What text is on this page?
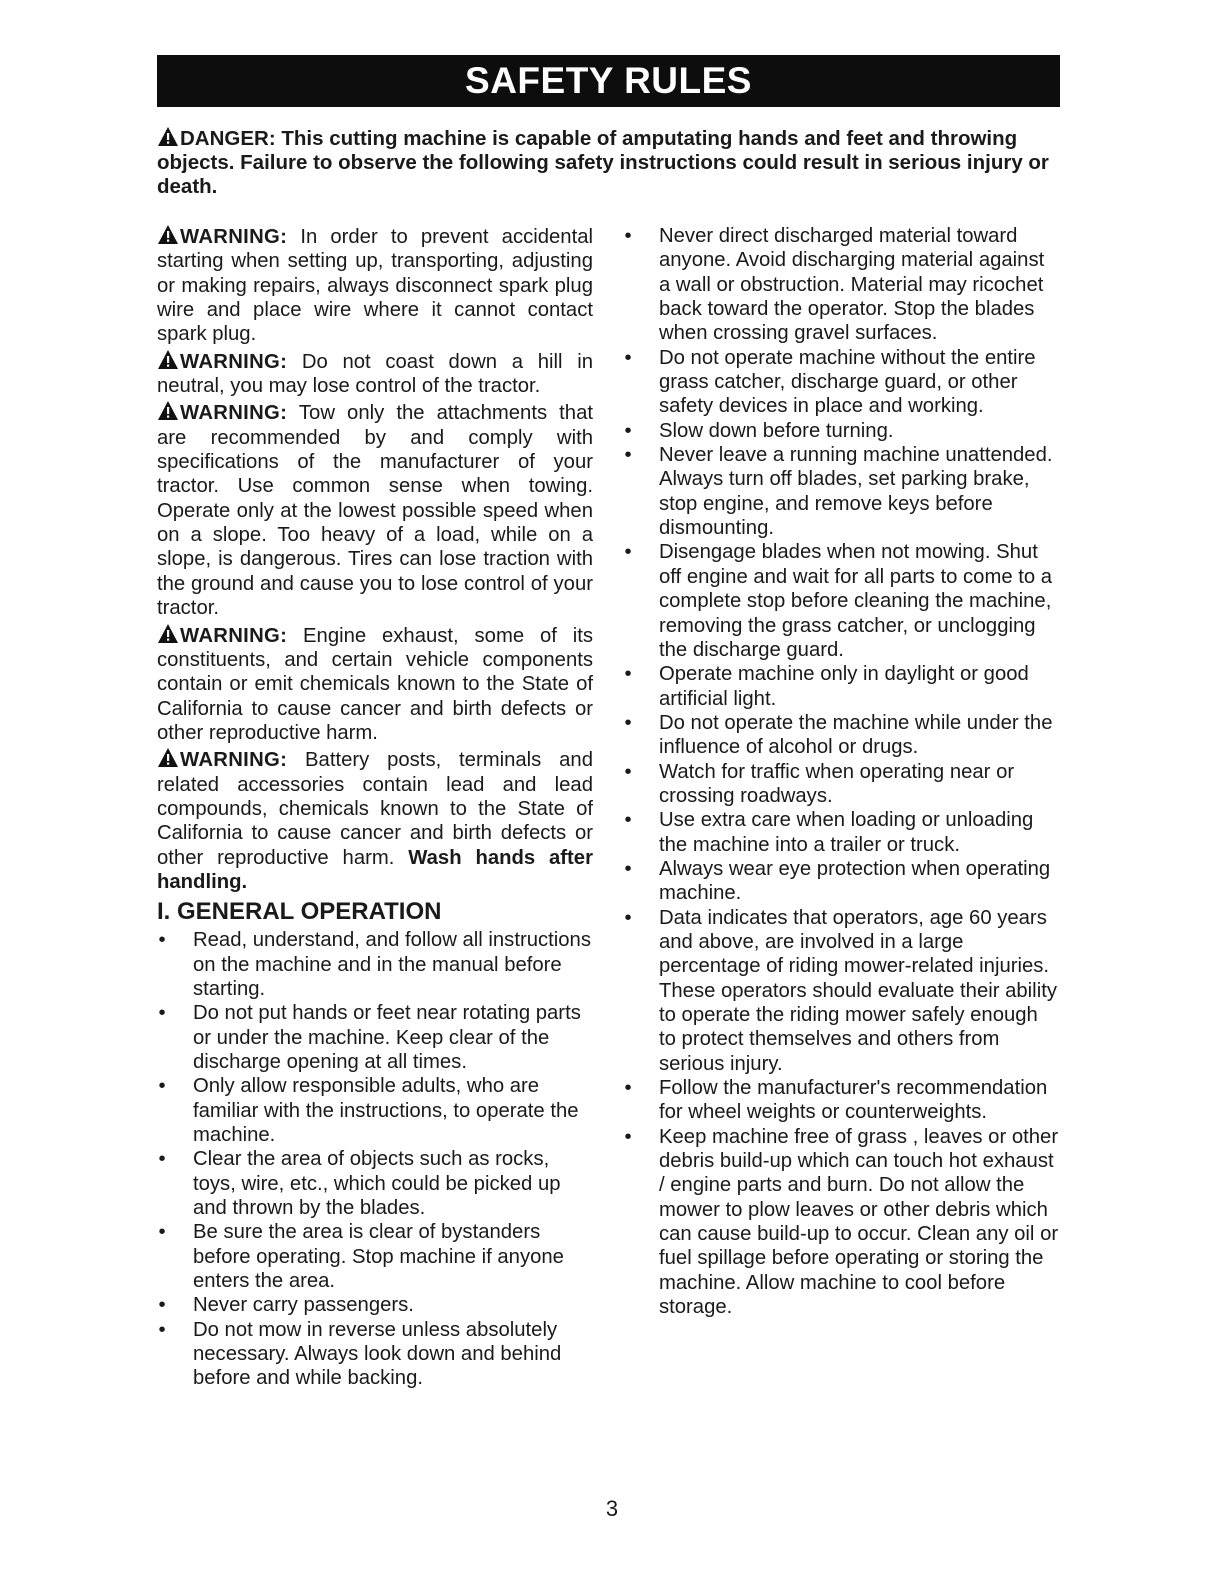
SAFETY RULES
DANGER: This cutting machine is capable of amputating hands and feet and throwing objects. Failure to observe the following safety instructions could result in serious injury or death.

WARNING: In order to prevent accidental starting when setting up, transporting, adjusting or making repairs, always disconnect spark plug wire and place wire where it cannot contact spark plug.

WARNING: Do not coast down a hill in neutral, you may lose control of the tractor.

WARNING: Tow only the attachments that are recommended by and comply with specifications of the manufacturer of your tractor. Use common sense when towing. Operate only at the lowest possible speed when on a slope. Too heavy of a load, while on a slope, is dangerous. Tires can lose traction with the ground and cause you to lose control of your tractor.

WARNING: Engine exhaust, some of its constituents, and certain vehicle components contain or emit chemicals known to the State of California to cause cancer and birth defects or other reproductive harm.

WARNING: Battery posts, terminals and related accessories contain lead and lead compounds, chemicals known to the State of California to cause cancer and birth defects or other reproductive harm. Wash hands after handling.

I. GENERAL OPERATION
• Read, understand, and follow all instructions on the machine and in the manual before starting.
• Do not put hands or feet near rotating parts or under the machine. Keep clear of the discharge opening at all times.
• Only allow responsible adults, who are familiar with the instructions, to operate the machine.
• Clear the area of objects such as rocks, toys, wire, etc., which could be picked up and thrown by the blades.
• Be sure the area is clear of bystanders before operating. Stop machine if anyone enters the area.
• Never carry passengers.
• Do not mow in reverse unless absolutely necessary. Always look down and behind before and while backing.
• Never direct discharged material toward anyone. Avoid discharging material against a wall or obstruction. Material may ricochet back toward the operator. Stop the blades when crossing gravel surfaces.
• Do not operate machine without the entire grass catcher, discharge guard, or other safety devices in place and working.
• Slow down before turning.
• Never leave a running machine unattended. Always turn off blades, set parking brake, stop engine, and remove keys before dismounting.
• Disengage blades when not mowing. Shut off engine and wait for all parts to come to a complete stop before cleaning the machine, removing the grass catcher, or unclogging the discharge guard.
• Operate machine only in daylight or good artificial light.
• Do not operate the machine while under the influence of alcohol or drugs.
• Watch for traffic when operating near or crossing roadways.
• Use extra care when loading or unloading the machine into a trailer or truck.
• Always wear eye protection when operating machine.
• Data indicates that operators, age 60 years and above, are involved in a large percentage of riding mower-related injuries. These operators should evaluate their ability to operate the riding mower safely enough to protect themselves and others from serious injury.
• Follow the manufacturer's recommendation for wheel weights or counterweights.
• Keep machine free of grass , leaves or other debris build-up which can touch hot exhaust / engine parts and burn. Do not allow the mower to plow leaves or other debris which can cause build-up to occur. Clean any oil or fuel spillage before operating or storing the machine. Allow machine to cool before storage.
3
